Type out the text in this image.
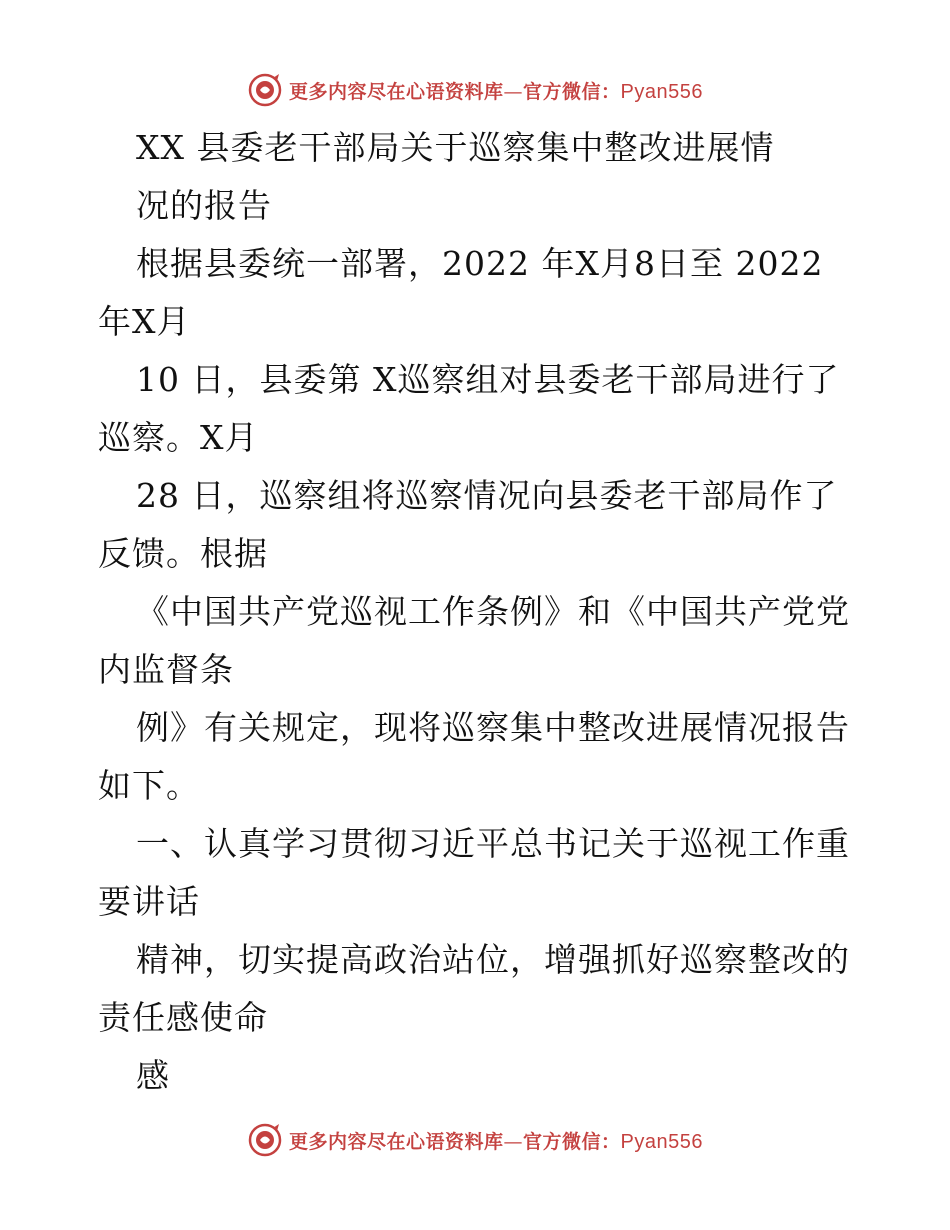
更多内容尽在心语资料库—官方微信：Pyan556
XX 县委老干部局关于巡察集中整改进展情
况的报告
根据县委统一部署，2022 年X月8日至 2022
年X月
10 日，县委第 X巡察组对县委老干部局进行了
巡察。X月
28 日，巡察组将巡察情况向县委老干部局作了
反馈。根据
《中国共产党巡视工作条例》和《中国共产党党
内监督条
例》有关规定，现将巡察集中整改进展情况报告
如下。
一、认真学习贯彻习近平总书记关于巡视工作重
要讲话
精神，切实提高政治站位，增强抓好巡察整改的
责任感使命
感
更多内容尽在心语资料库—官方微信：Pyan556
